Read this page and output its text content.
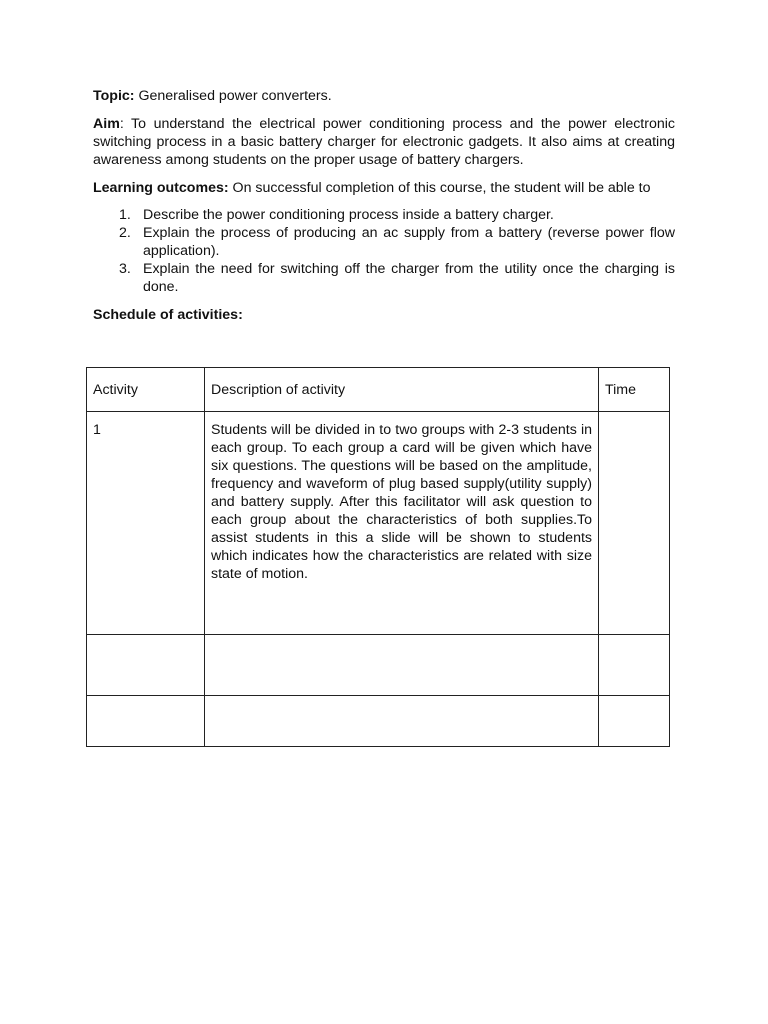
Topic: Generalised power converters.

Aim: To understand the electrical power conditioning process and the power electronic switching process in a basic battery charger for electronic gadgets. It also aims at creating awareness among students on the proper usage of battery chargers.

Learning outcomes: On successful completion of this course, the student will be able to

1. Describe the power conditioning process inside a battery charger.
2. Explain the process of producing an ac supply from a battery (reverse power flow application).
3. Explain the need for switching off the charger from the utility once the charging is done.

Schedule of activities:

Activity	Description of activity	Time
1	Students will be divided in to two groups with 2-3 students in each group. To each group a card will be given which have six questions. The questions will be based on the amplitude, frequency and waveform of plug based supply(utility supply) and battery supply. After this facilitator will ask question to each group about the characteristics of both supplies.To assist students in this a slide will be shown to students which indicates how the characteristics are related with size state of motion.	
